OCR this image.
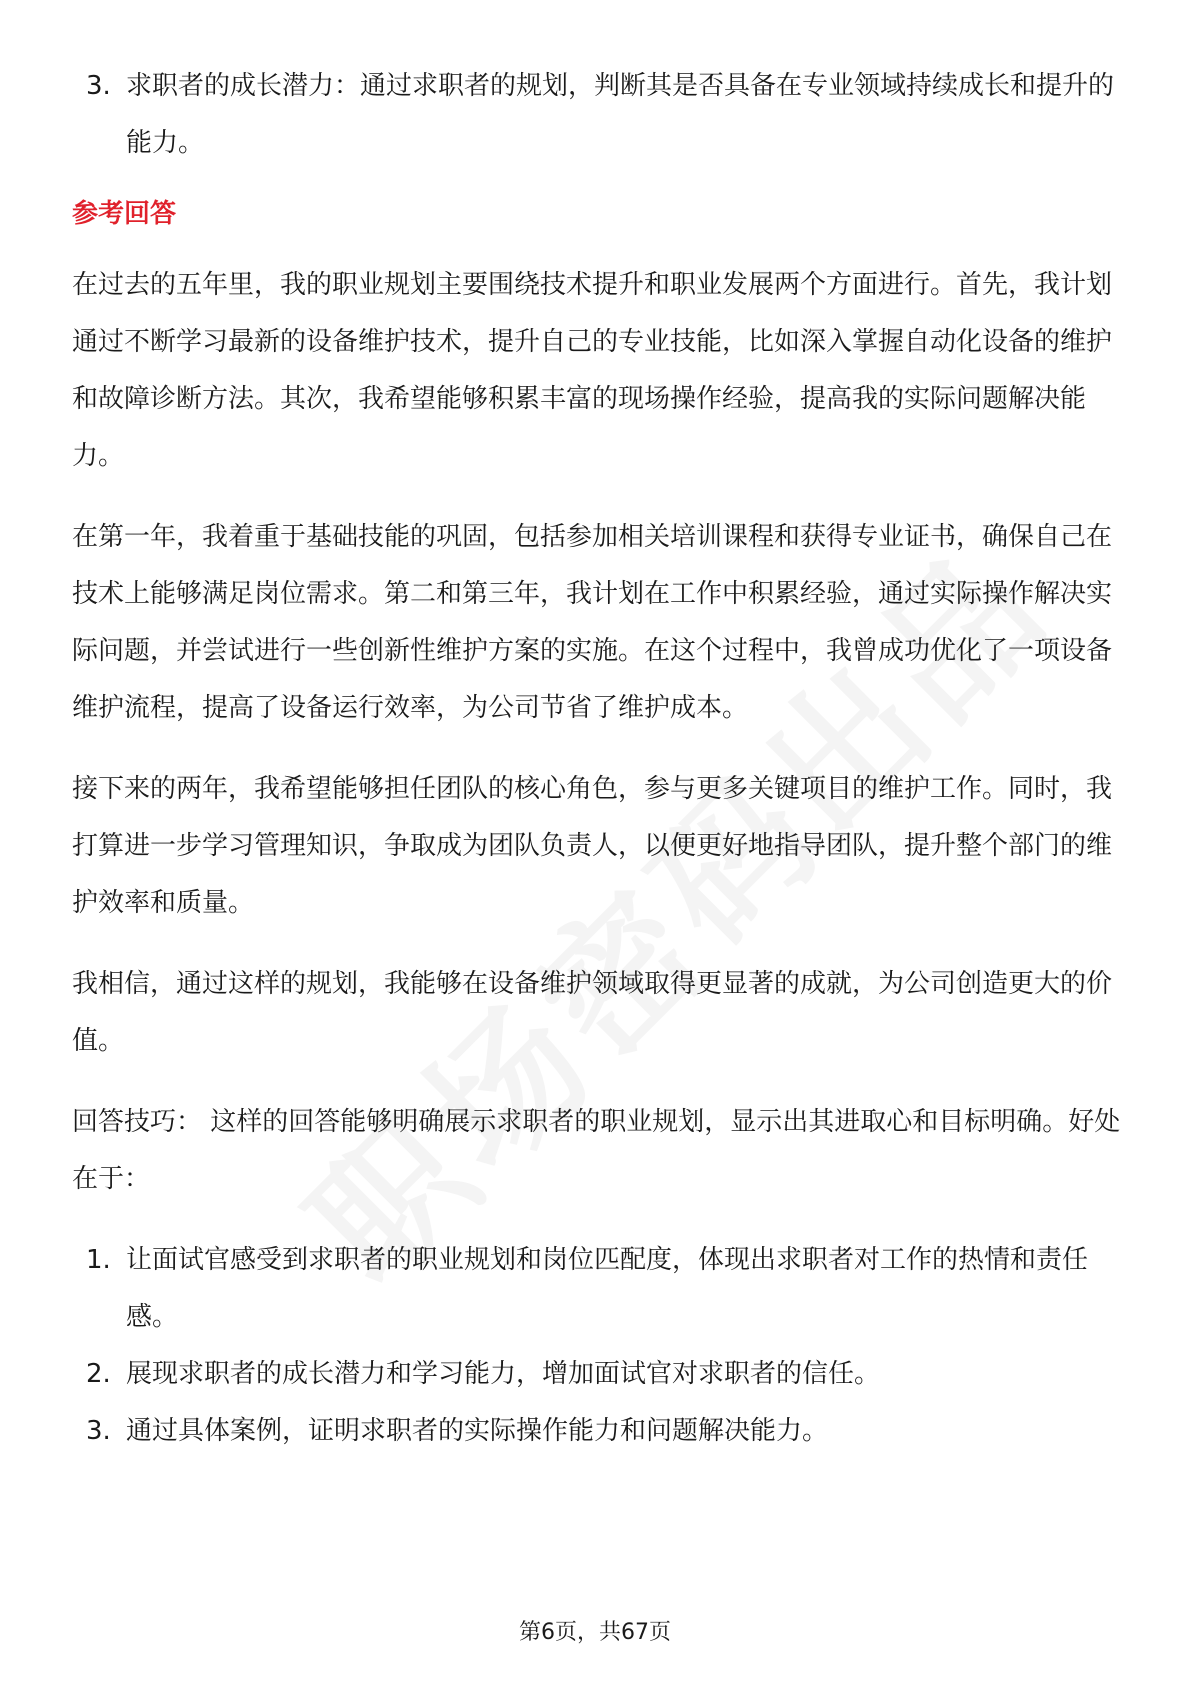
3. 求职者的成长潜力：通过求职者的规划，判断其是否具备在专业领域持续成长和提升的能力。

参考回答

在过去的五年里，我的职业规划主要围绕技术提升和职业发展两个方面进行。首先，我计划通过不断学习最新的设备维护技术，提升自己的专业技能，比如深入掌握自动化设备的维护和故障诊断方法。其次，我希望能够积累丰富的现场操作经验，提高我的实际问题解决能力。

在第一年，我着重于基础技能的巩固，包括参加相关培训课程和获得专业证书，确保自己在技术上能够满足岗位需求。第二和第三年，我计划在工作中积累经验，通过实际操作解决实际问题，并尝试进行一些创新性维护方案的实施。在这个过程中，我曾成功优化了一项设备维护流程，提高了设备运行效率，为公司节省了维护成本。

接下来的两年，我希望能够担任团队的核心角色，参与更多关键项目的维护工作。同时，我打算进一步学习管理知识，争取成为团队负责人，以便更好地指导团队，提升整个部门的维护效率和质量。

我相信，通过这样的规划，我能够在设备维护领域取得更显著的成就，为公司创造更大的价值。

回答技巧： 这样的回答能够明确展示求职者的职业规划，显示出其进取心和目标明确。好处在于：

1. 让面试官感受到求职者的职业规划和岗位匹配度，体现出求职者对工作的热情和责任感。
2. 展现求职者的成长潜力和学习能力，增加面试官对求职者的信任。
3. 通过具体案例，证明求职者的实际操作能力和问题解决能力。
第6页，共67页
